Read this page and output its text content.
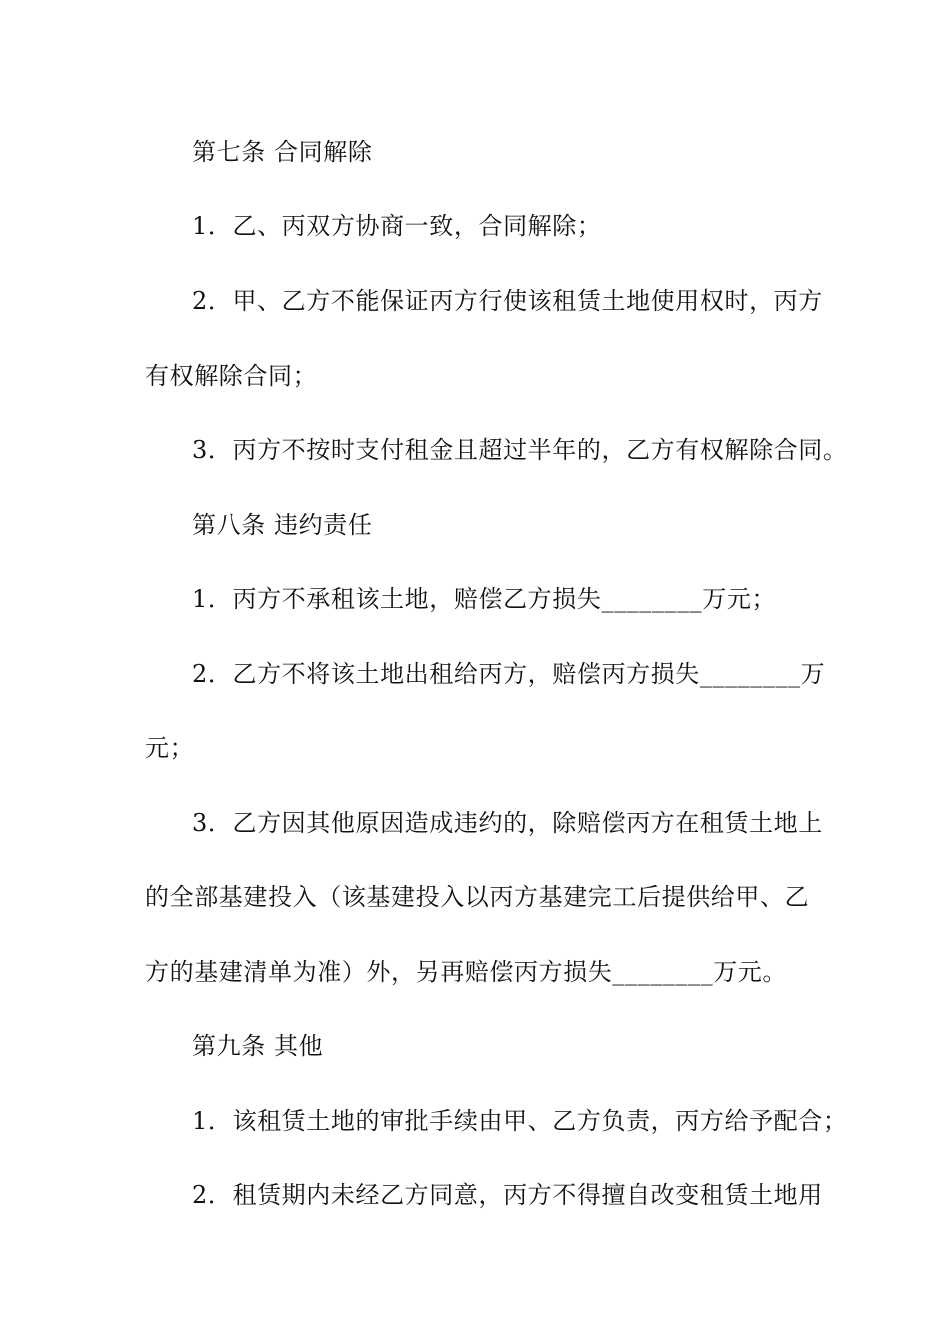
第七条 合同解除
1．乙、丙双方协商一致，合同解除；
2．甲、乙方不能保证丙方行使该租赁土地使用权时，丙方
有权解除合同；
3．丙方不按时支付租金且超过半年的，乙方有权解除合同。
第八条 违约责任
1．丙方不承租该土地，赔偿乙方损失________万元；
2．乙方不将该土地出租给丙方，赔偿丙方损失________万
元；
3．乙方因其他原因造成违约的，除赔偿丙方在租赁土地上
的全部基建投入（该基建投入以丙方基建完工后提供给甲、乙
方的基建清单为准）外，另再赔偿丙方损失________万元。
第九条 其他
1．该租赁土地的审批手续由甲、乙方负责，丙方给予配合；
2．租赁期内未经乙方同意，丙方不得擅自改变租赁土地用
